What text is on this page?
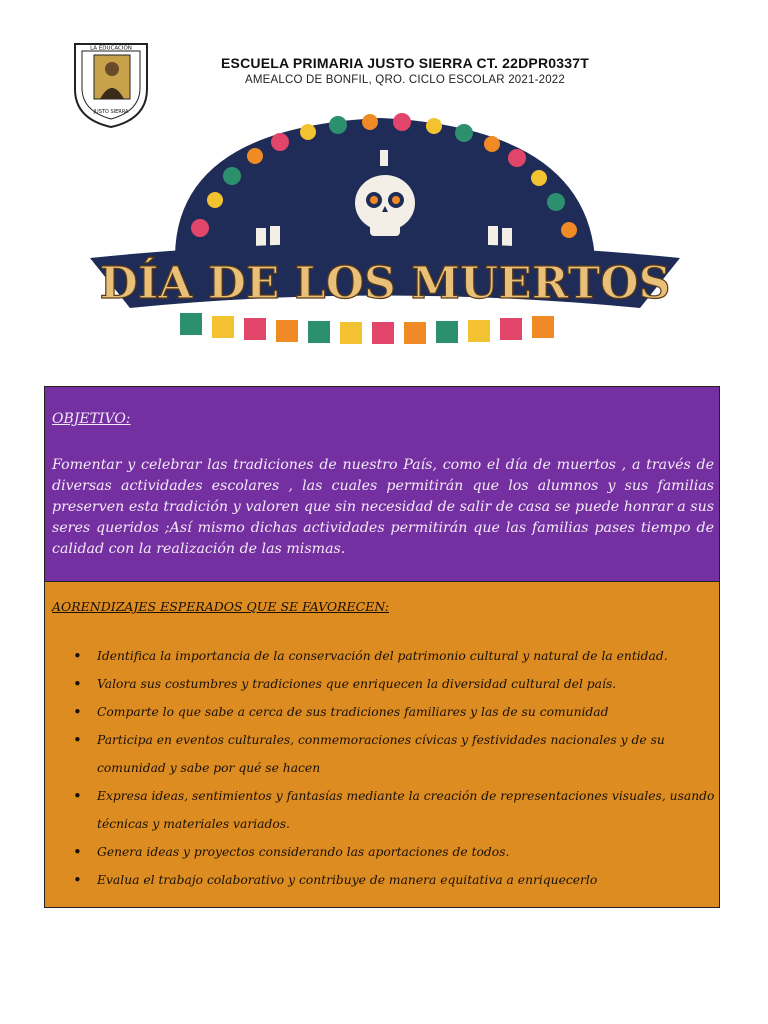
LA EDUCACIÓN
JUSTO SIERRA
ESCUELA PRIMARIA JUSTO SIERRA CT. 22DPR0337T
AMEALCO DE BONFIL, QRO. CICLO ESCOLAR 2021-2022
DÍA DE LOS MUERTOS
OBJETIVO:
Fomentar y celebrar las tradiciones de nuestro País, como el día de muertos , a través de diversas actividades escolares , las cuales permitirán que los alumnos y sus familias preserven esta tradición y valoren que sin necesidad de salir de casa se puede honrar a sus seres queridos ;Así mismo dichas actividades permitirán que las familias pases tiempo de calidad con la realización de las mismas.
AORENDIZAJES ESPERADOS QUE SE FAVORECEN:
• Identifica la importancia de la conservación del patrimonio cultural y natural de la entidad.
• Valora sus costumbres y tradiciones que enriquecen la diversidad cultural del país.
• Comparte lo que sabe a cerca de sus tradiciones familiares y las de su comunidad
• Participa en eventos culturales, conmemoraciones cívicas y festividades nacionales y de su comunidad y sabe por qué se hacen
• Expresa ideas, sentimientos y fantasías mediante la creación de representaciones visuales, usando técnicas y materiales variados.
• Genera ideas y proyectos considerando las aportaciones de todos.
• Evalua el trabajo colaborativo y contribuye de manera equitativa a enriquecerlo
